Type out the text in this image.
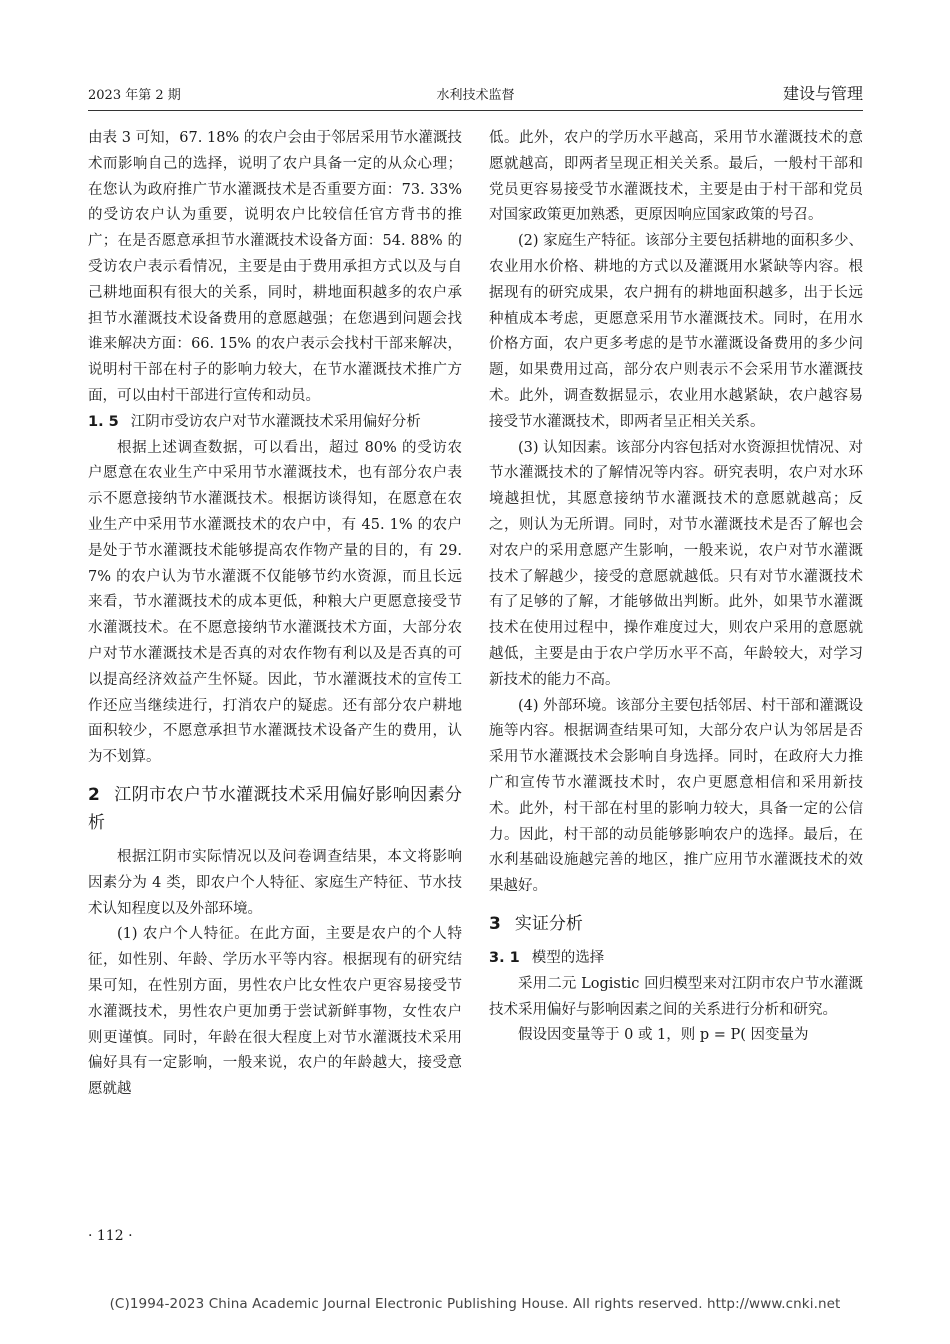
2023 年第 2 期	水利技术监督	建设与管理

由表 3 可知，67. 18% 的农户会由于邻居采用节水灌溉技术而影响自己的选择，说明了农户具备一定的从众心理；在您认为政府推广节水灌溉技术是否重要方面：73. 33% 的受访农户认为重要，说明农户比较信任官方背书的推广；在是否愿意承担节水灌溉技术设备方面：54. 88% 的受访农户表示看情况，主要是由于费用承担方式以及与自己耕地面积有很大的关系，同时，耕地面积越多的农户承担节水灌溉技术设备费用的意愿越强；在您遇到问题会找谁来解决方面：66. 15% 的农户表示会找村干部来解决，说明村干部在村子的影响力较大，在节水灌溉技术推广方面，可以由村干部进行宣传和动员。

1. 5 江阴市受访农户对节水灌溉技术采用偏好分析

根据上述调查数据，可以看出，超过 80% 的受访农户愿意在农业生产中采用节水灌溉技术，也有部分农户表示不愿意接纳节水灌溉技术。根据访谈得知，在愿意在农业生产中采用节水灌溉技术的农户中，有 45. 1% 的农户是处于节水灌溉技术能够提高农作物产量的目的，有 29. 7% 的农户认为节水灌溉不仅能够节约水资源，而且长远来看，节水灌溉技术的成本更低，种粮大户更愿意接受节水灌溉技术。在不愿意接纳节水灌溉技术方面，大部分农户对节水灌溉技术是否真的对农作物有利以及是否真的可以提高经济效益产生怀疑。因此，节水灌溉技术的宣传工作还应当继续进行，打消农户的疑虑。还有部分农户耕地面积较少，不愿意承担节水灌溉技术设备产生的费用，认为不划算。

2 江阴市农户节水灌溉技术采用偏好影响因素分析

根据江阴市实际情况以及问卷调查结果，本文将影响因素分为 4 类，即农户个人特征、家庭生产特征、节水技术认知程度以及外部环境。

(1) 农户个人特征。在此方面，主要是农户的个人特征，如性别、年龄、学历水平等内容。根据现有的研究结果可知，在性别方面，男性农户比女性农户更容易接受节水灌溉技术，男性农户更加勇于尝试新鲜事物，女性农户则更谨慎。同时，年龄在很大程度上对节水灌溉技术采用偏好具有一定影响，一般来说，农户的年龄越大，接受意愿就越

低。此外，农户的学历水平越高，采用节水灌溉技术的意愿就越高，即两者呈现正相关关系。最后，一般村干部和党员更容易接受节水灌溉技术，主要是由于村干部和党员对国家政策更加熟悉，更原因响应国家政策的号召。

(2) 家庭生产特征。该部分主要包括耕地的面积多少、农业用水价格、耕地的方式以及灌溉用水紧缺等内容。根据现有的研究成果，农户拥有的耕地面积越多，出于长远种植成本考虑，更愿意采用节水灌溉技术。同时，在用水价格方面，农户更多考虑的是节水灌溉设备费用的多少问题，如果费用过高，部分农户则表示不会采用节水灌溉技术。此外，调查数据显示，农业用水越紧缺，农户越容易接受节水灌溉技术，即两者呈正相关关系。

(3) 认知因素。该部分内容包括对水资源担忧情况、对节水灌溉技术的了解情况等内容。研究表明，农户对水环境越担忧，其愿意接纳节水灌溉技术的意愿就越高；反之，则认为无所谓。同时，对节水灌溉技术是否了解也会对农户的采用意愿产生影响，一般来说，农户对节水灌溉技术了解越少，接受的意愿就越低。只有对节水灌溉技术有了足够的了解，才能够做出判断。此外，如果节水灌溉技术在使用过程中，操作难度过大，则农户采用的意愿就越低，主要是由于农户学历水平不高，年龄较大，对学习新技术的能力不高。

(4) 外部环境。该部分主要包括邻居、村干部和灌溉设施等内容。根据调查结果可知，大部分农户认为邻居是否采用节水灌溉技术会影响自身选择。同时，在政府大力推广和宣传节水灌溉技术时，农户更愿意相信和采用新技术。此外，村干部在村里的影响力较大，具备一定的公信力。因此，村干部的动员能够影响农户的选择。最后，在水利基础设施越完善的地区，推广应用节水灌溉技术的效果越好。

3 实证分析
3. 1 模型的选择

采用二元 Logistic 回归模型来对江阴市农户节水灌溉技术采用偏好与影响因素之间的关系进行分析和研究。

假设因变量等于 0 或 1，则 p = P( 因变量为

· 112 ·
(C)1994-2023 China Academic Journal Electronic Publishing House. All rights reserved. http://www.cnki.net
